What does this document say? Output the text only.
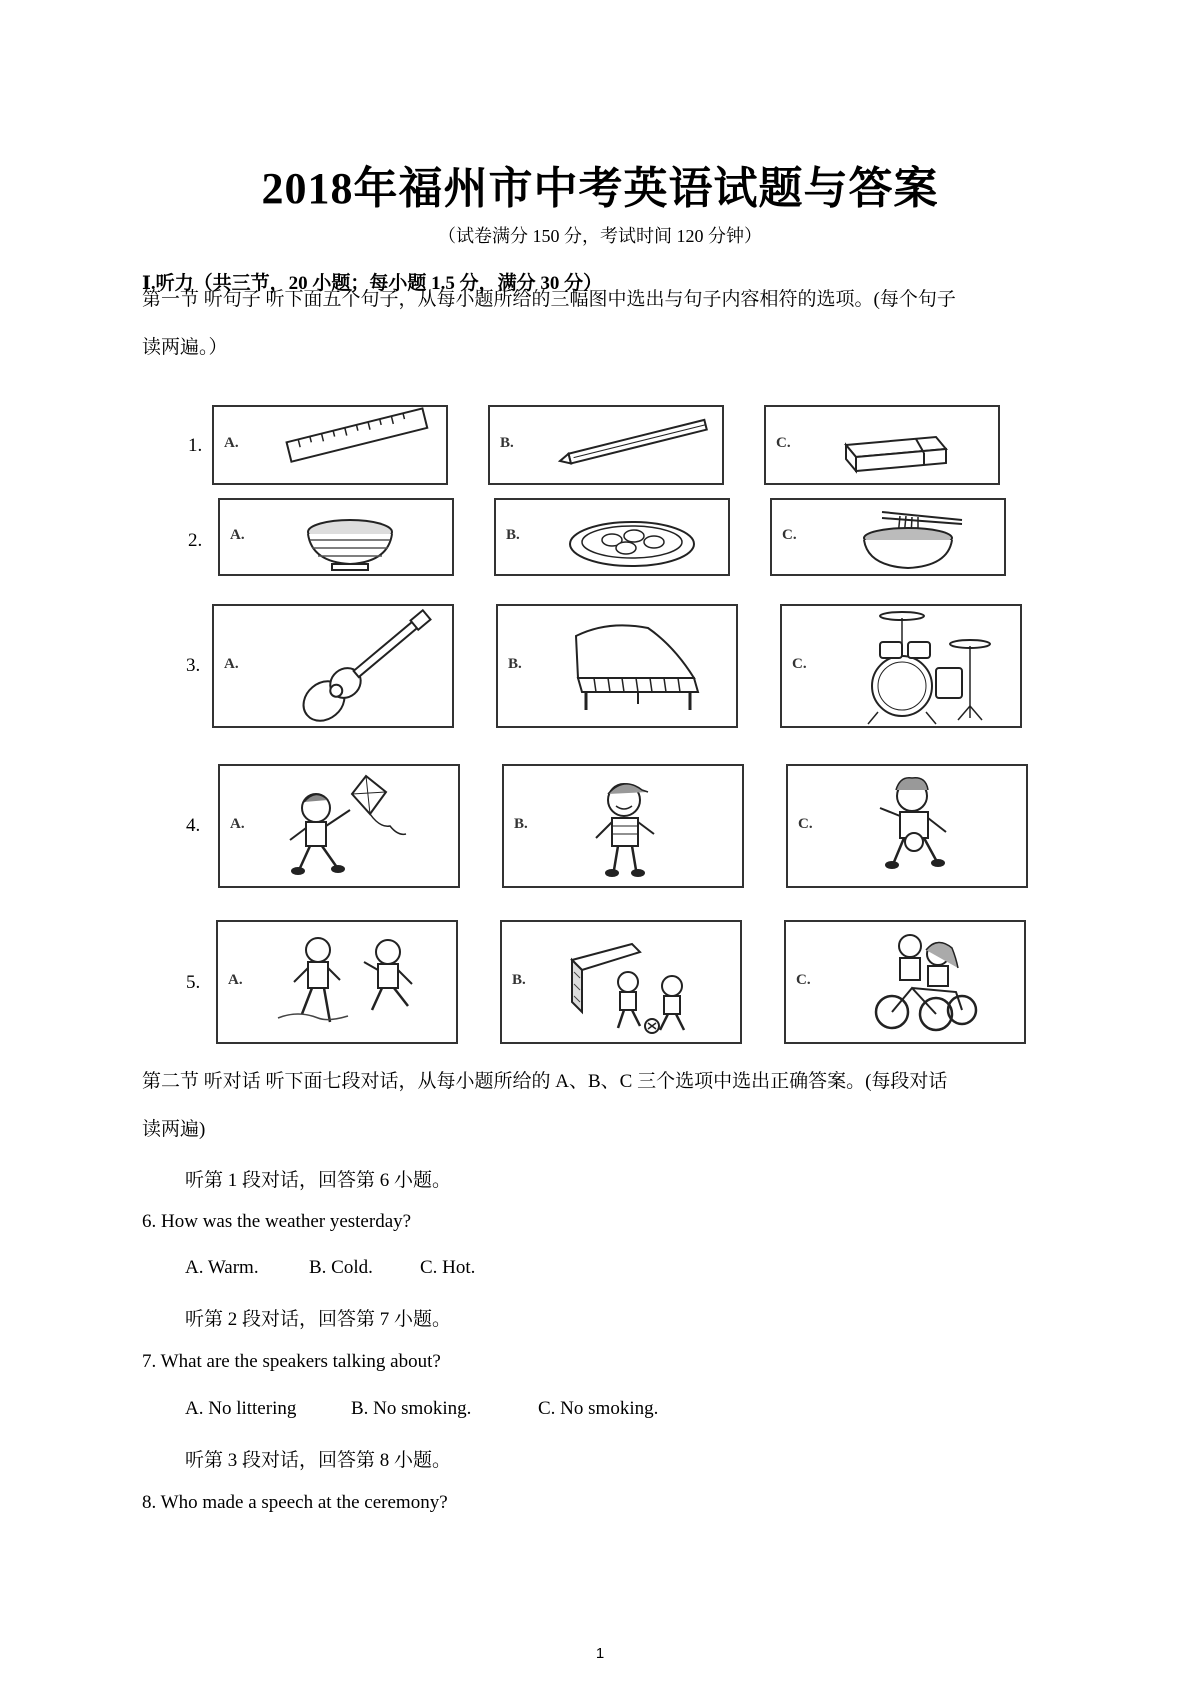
2018年福州市中考英语试题与答案
（试卷满分 150 分，考试时间 120 分钟）
Ⅰ.听力（共三节，20 小题；每小题 1.5 分，满分 30 分）
第一节 听句子 听下面五个句子，从每小题所给的三幅图中选出与句子内容相符的选项。(每个句子
读两遍。）
1. A.	B.	C.
2. A.	B.	C.
3. A.	B.	C.
4. A.	B.	C.
5. A.	B.	C.
第二节 听对话 听下面七段对话，从每小题所给的 A、B、C 三个选项中选出正确答案。(每段对话
读两遍)
听第 1 段对话，回答第 6 小题。
6. How was the weather yesterday?
A. Warm.	B. Cold. C. Hot.
听第 2 段对话，回答第 7 小题。
7. What are the speakers talking about?
A. No littering	B. No smoking.	C. No smoking.
听第 3 段对话，回答第 8 小题。
8. Who made a speech at the ceremony?
1
